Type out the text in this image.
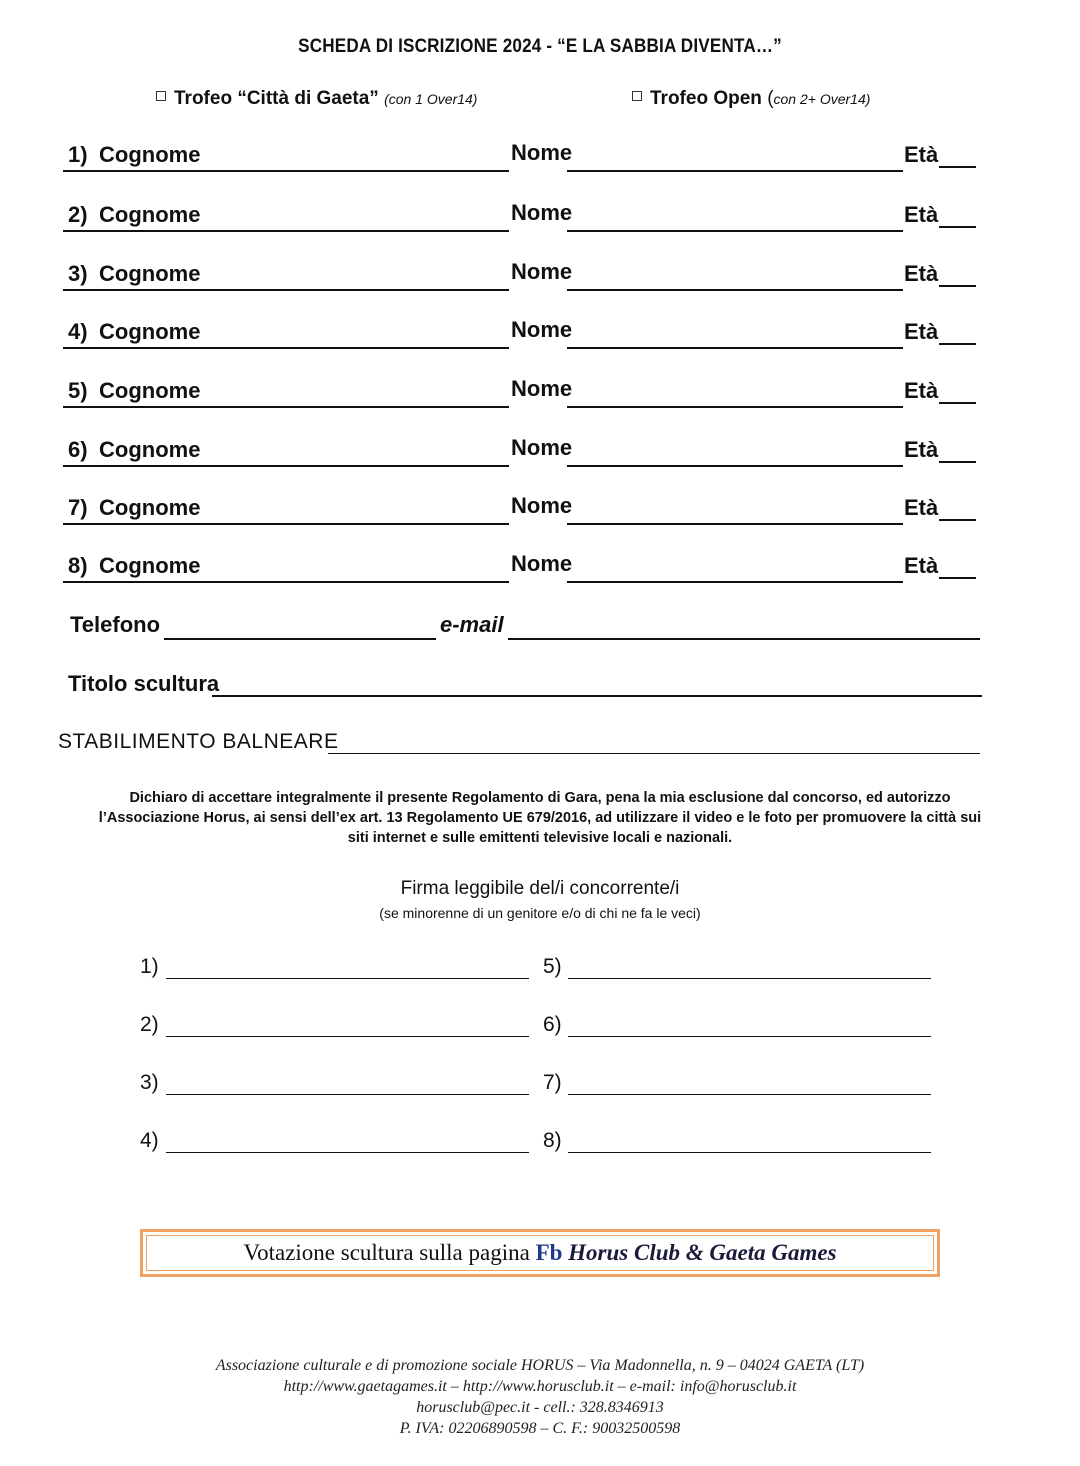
SCHEDA DI ISCRIZIONE 2024 - “E LA SABBIA DIVENTA…”
Trofeo “Città di Gaeta” (con 1 Over14)	Trofeo Open (con 2+ Over14)
1) Cognome	Nome	Età
2) Cognome	Nome	Età
3) Cognome	Nome	Età
4) Cognome	Nome	Età
5) Cognome	Nome	Età
6) Cognome	Nome	Età
7) Cognome	Nome	Età
8) Cognome	Nome	Età
Telefono	e-mail
Titolo scultura
STABILIMENTO BALNEARE
Dichiaro di accettare integralmente il presente Regolamento di Gara, pena la mia esclusione dal concorso, ed autorizzo l’Associazione Horus, ai sensi dell’ex art. 13 Regolamento UE 679/2016, ad utilizzare il video e le foto per promuovere la città sui siti internet e sulle emittenti televisive locali e nazionali.
Firma leggibile del/i concorrente/i
(se minorenne di un genitore e/o di chi ne fa le veci)
1)	5)
2)	6)
3)	7)
4)	8)
Votazione scultura sulla pagina Fb Horus Club & Gaeta Games
Associazione culturale e di promozione sociale HORUS – Via Madonnella, n. 9 – 04024 GAETA (LT)
http://www.gaetagames.it – http://www.horusclub.it – e-mail: info@horusclub.it
horusclub@pec.it - cell.: 328.8346913
P. IVA: 02206890598 – C. F.: 90032500598
